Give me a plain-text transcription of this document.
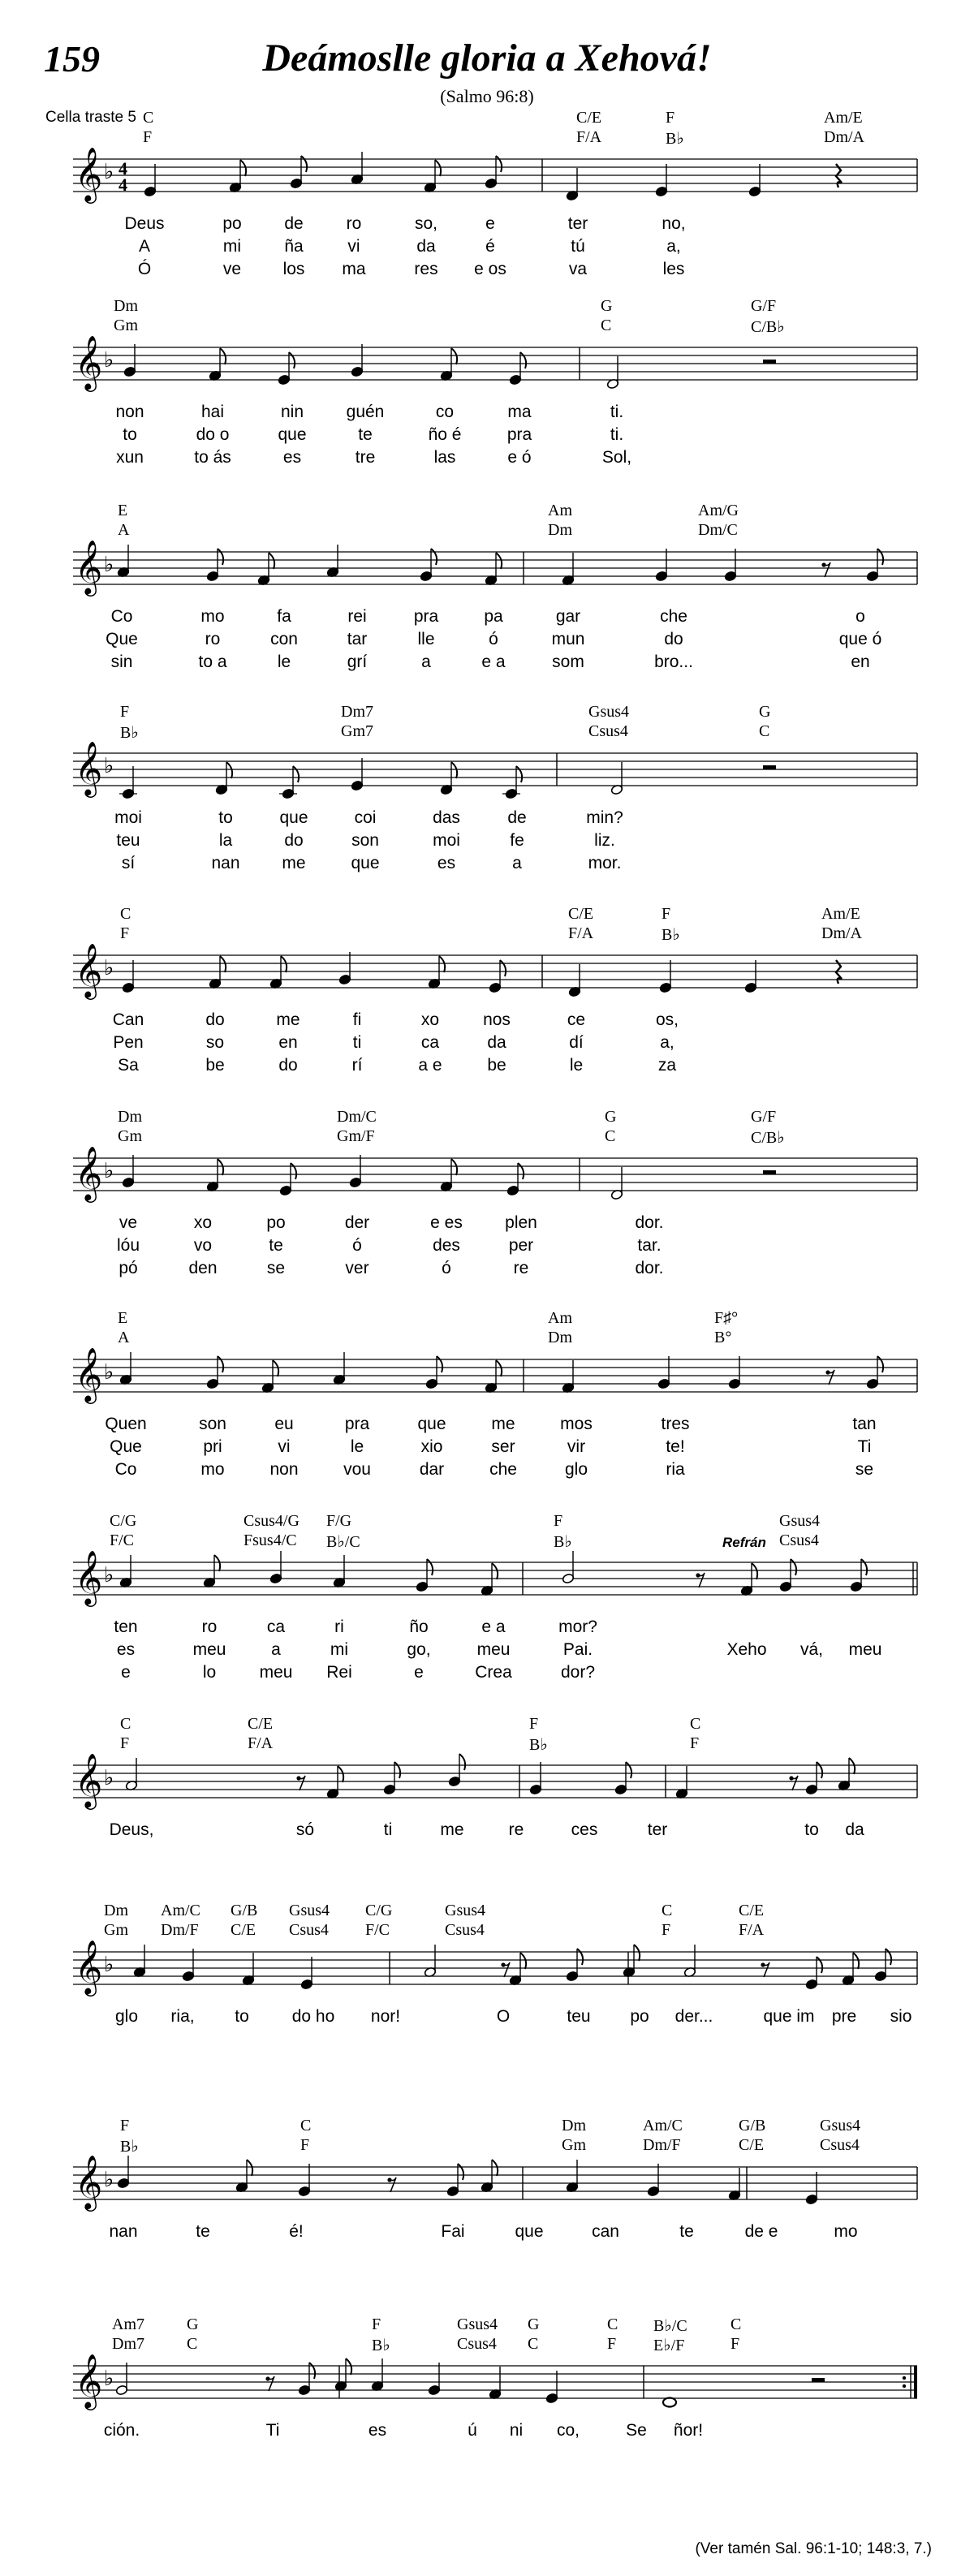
159	Deámoslle gloria a Xehová!
(Salmo 96:8)
Cella traste 5 C	C/E	F	Am/E
F	F/A	B♭	Dm/A
𝄞 ♭ 4
4
Deus	po	de	ro	so,	e	ter	no,
A	mi	ña	vi	da	é	tú	a,
Ó	ve los ma	res e os	va	les
Dm	G	G/F
Gm	C	C/B♭
𝄞 ♭
non	hai	nin	guén	co	ma	ti.
to	do o	que	te	ño é	pra	ti.
xun	to ás	es	tre	las	e ó	Sol,
E	Am	Am/G
A	Dm	Dm/C
𝄞 ♭
Co	mo	fa	rei	pra	pa	gar	che	o
Que	ro	con	tar	lle	ó	mun	do	que ó
sin	to a	le	grí	a	e a	som	bro...	en
F	Dm7	Gsus4	G
B♭	Gm7	Csus4	C
𝄞 ♭
moi	to	que	coi	das	de	min?
teu	la	do	son	moi	fe	liz.
sí	nan me	que	es	a	mor.
C	C/E	F	Am/E
F	F/A	B♭	Dm/A
𝄞 ♭
Can	do	me	fi	xo	nos	ce	os,
Pen	so	en	ti	ca	da	dí	a,
Sa	be	do	rí	a e	be	le	za
Dm	Dm/C	G	G/F
Gm	Gm/F	C	C/B♭
𝄞 ♭
ve	xo	po	der	e es plen	dor.
lóu	vo	te	ó	des	per	tar.
pó	den	se	ver	ó	re	dor.
E	Am	F♯°
A	Dm	B°
𝄞 ♭
Quen	son	eu	pra	que	me	mos	tres	tan
Que	pri	vi	le	xio	ser	vir	te!	Ti
Co	mo	non	vou	dar	che	glo	ria	se
C/G	Csus4/G F/G	F	Gsus4
F/C	Fsus4/C B♭/C	B♭	Csus4
Refrán
𝄞 ♭
ten	ro	ca	ri	ño	e a	mor?
es	meu	a	mi	go,	meu	Pai.	Xeho vá, meu
e	lo	meu Rei	e	Crea	dor?
C	C/E	F	C
F	F/A	B♭	F
𝄞 ♭
Deus,	só	ti	me	re	ces	ter	to da
Dm Am/C G/B Gsus4 C/G	Gsus4	C	C/E
Gm Dm/F C/E Csus4 F/C	Csus4	F	F/A
𝄞 ♭
glo ria, to	do ho nor!	O	teu po der...	que im pre sio
F	C	Dm	Am/C	G/B	Gsus4
B♭	F	Gm	Dm/F	C/E	Csus4
𝄞 ♭
nan	te	é!	Fai	que	can	te	de e	mo
Am7	G	F	Gsus4 G	C B♭/C	C
Dm7	C	B♭	Csus4 C	F E♭/F	F
𝄞 ♭
ción.	Ti	es	ú ni co,	Se ñor!
(Ver tamén Sal. 96:1-10; 148:3, 7.)
